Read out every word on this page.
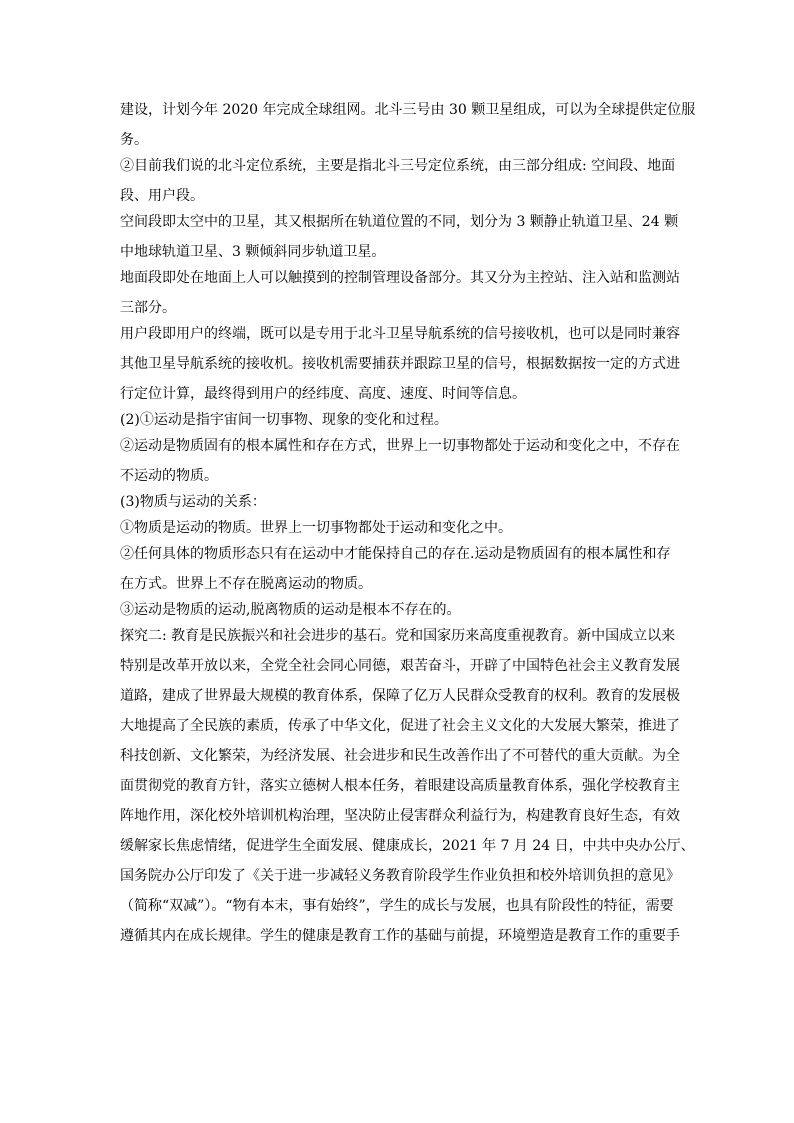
建设，计划今年 2020 年完成全球组网。北斗三号由 30 颗卫星组成，可以为全球提供定位服

务。

②目前我们说的北斗定位系统，主要是指北斗三号定位系统，由三部分组成: 空间段、地面

段、用户段。

空间段即太空中的卫星，其又根据所在轨道位置的不同，划分为 3 颗静止轨道卫星、24 颗

中地球轨道卫星、3 颗倾斜同步轨道卫星。

地面段即处在地面上人可以触摸到的控制管理设备部分。其又分为主控站、注入站和监测站

三部分。

用户段即用户的终端，既可以是专用于北斗卫星导航系统的信号接收机，也可以是同时兼容

其他卫星导航系统的接收机。接收机需要捕获并跟踪卫星的信号，根据数据按一定的方式进

行定位计算，最终得到用户的经纬度、高度、速度、时间等信息。

(2)①运动是指宇宙间一切事物、现象的变化和过程。

②运动是物质固有的根本属性和存在方式，世界上一切事物都处于运动和变化之中，不存在

不运动的物质。

(3)物质与运动的关系：

①物质是运动的物质。世界上一切事物都处于运动和变化之中。

②任何具体的物质形态只有在运动中才能保持自己的存在.运动是物质固有的根本属性和存

在方式。世界上不存在脱离运动的物质。

③运动是物质的运动,脱离物质的运动是根本不存在的。

探究二: 教育是民族振兴和社会进步的基石。党和国家历来高度重视教育。新中国成立以来

特别是改革开放以来，全党全社会同心同德，艰苦奋斗，开辟了中国特色社会主义教育发展

道路，建成了世界最大规模的教育体系，保障了亿万人民群众受教育的权利。教育的发展极

大地提高了全民族的素质，传承了中华文化，促进了社会主义文化的大发展大繁荣，推进了

科技创新、文化繁荣，为经济发展、社会进步和民生改善作出了不可替代的重大贡献。为全

面贯彻党的教育方针，落实立德树人根本任务，着眼建设高质量教育体系，强化学校教育主

阵地作用，深化校外培训机构治理，坚决防止侵害群众利益行为，构建教育良好生态，有效

缓解家长焦虑情绪，促进学生全面发展、健康成长，2021 年 7 月 24 日，中共中央办公厅、

国务院办公厅印发了《关于进一步减轻义务教育阶段学生作业负担和校外培训负担的意见》

（简称“双减”）。“物有本末，事有始终”，学生的成长与发展，也具有阶段性的特征，需要

遵循其内在成长规律。学生的健康是教育工作的基础与前提，环境塑造是教育工作的重要手
